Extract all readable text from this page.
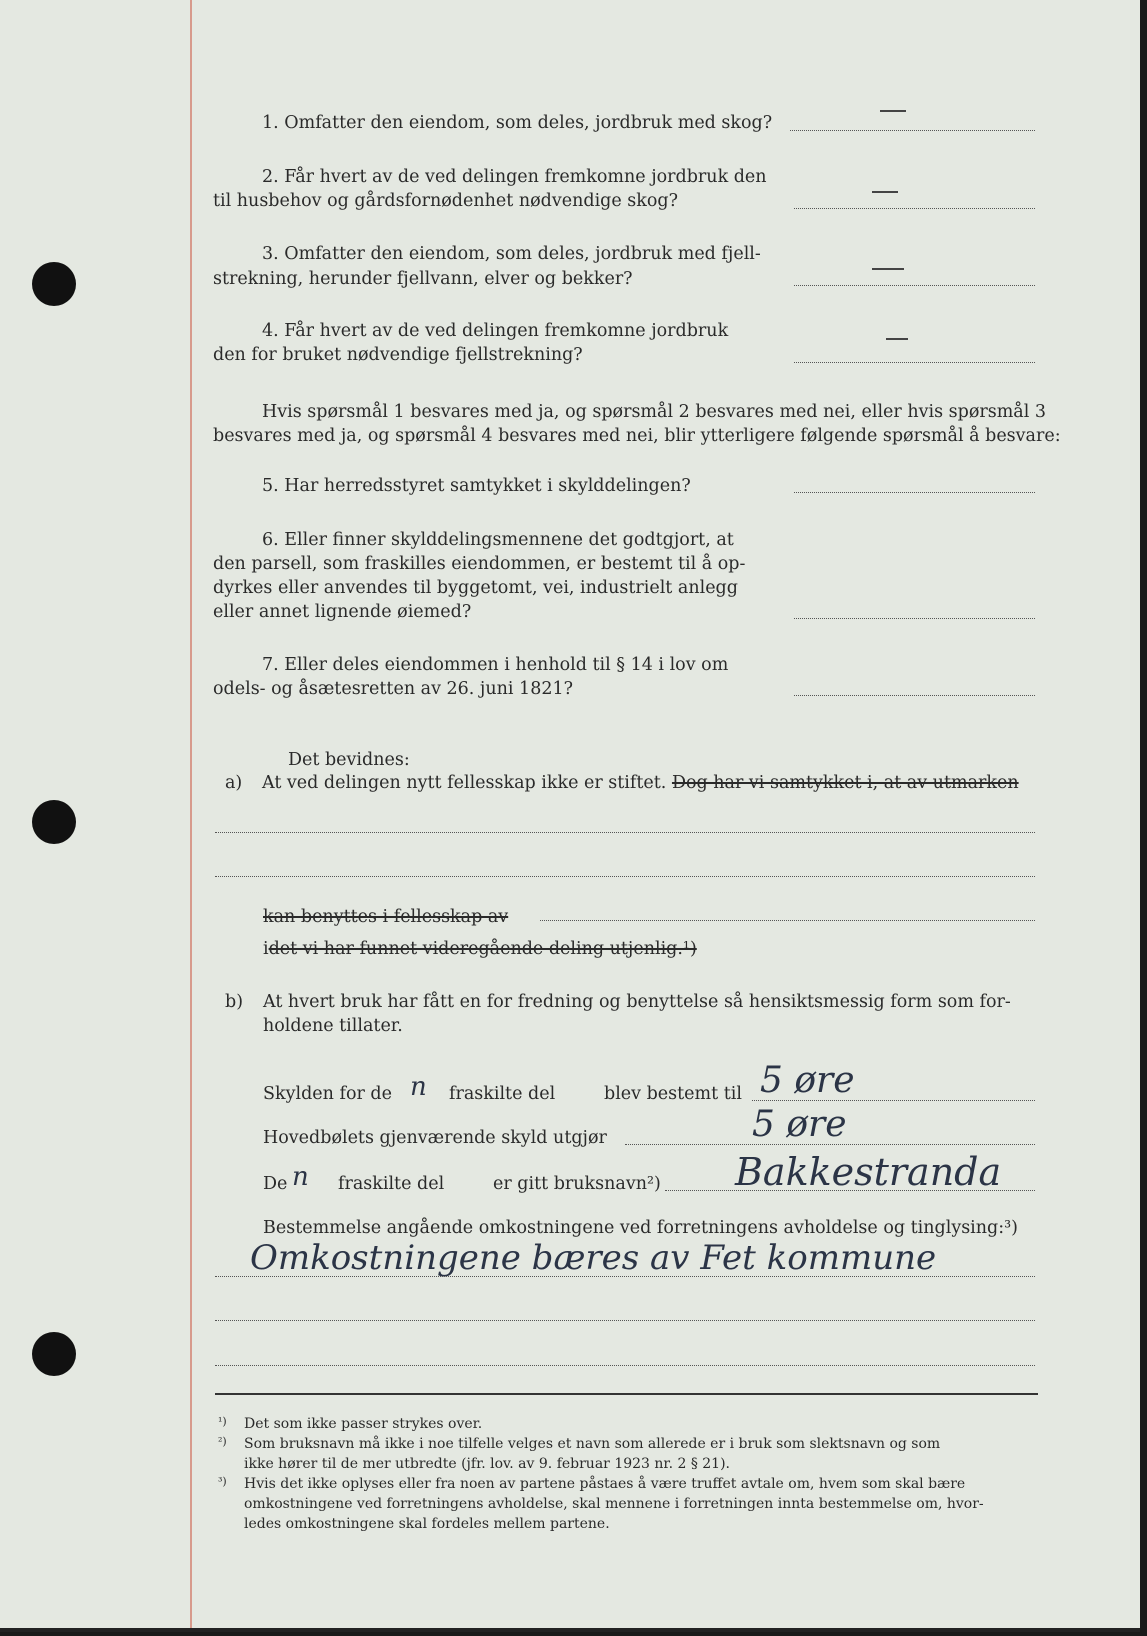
1. Omfatter den eiendom, som deles, jordbruk med skog?
2. Får hvert av de ved delingen fremkomne jordbruk den
til husbehov og gårdsfornødenhet nødvendige skog?
3. Omfatter den eiendom, som deles, jordbruk med fjell-
strekning, herunder fjellvann, elver og bekker?
4. Får hvert av de ved delingen fremkomne jordbruk
den for bruket nødvendige fjellstrekning?
Hvis spørsmål 1 besvares med ja, og spørsmål 2 besvares med nei, eller hvis spørsmål 3
besvares med ja, og spørsmål 4 besvares med nei, blir ytterligere følgende spørsmål å besvare:
5. Har herredsstyret samtykket i skylddelingen?
6. Eller finner skylddelingsmennene det godtgjort, at
den parsell, som fraskilles eiendommen, er bestemt til å op-
dyrkes eller anvendes til byggetomt, vei, industrielt anlegg
eller annet lignende øiemed?
7. Eller deles eiendommen i henhold til § 14 i lov om
odels- og åsætesretten av 26. juni 1821?
Det bevidnes:
a) At ved delingen nytt fellesskap ikke er stiftet. Dog har vi samtykket i, at av utmarken
kan benyttes i fellesskap av
idet vi har funnet videregående deling utjenlig.¹)
b) At hvert bruk har fått en for fredning og benyttelse så hensiktsmessig form som for-
holdene tillater.
Skylden for de n fraskilte del	blev bestemt til 5 øre
Hovedbølets gjenværende skyld utgjør	5 øre
De n fraskilte del	er gitt bruksnavn²) Bakkestranda
Bestemmelse angående omkostningene ved forretningens avholdelse og tinglysing:³)
Omkostningene bæres av Fet kommune
¹) Det som ikke passer strykes over.
²) Som bruksnavn må ikke i noe tilfelle velges et navn som allerede er i bruk som slektsnavn og som
ikke hører til de mer utbredte (jfr. lov. av 9. februar 1923 nr. 2 § 21).
³) Hvis det ikke oplyses eller fra noen av partene påstaes å være truffet avtale om, hvem som skal bære
omkostningene ved forretningens avholdelse, skal mennene i forretningen innta bestemmelse om, hvor-
ledes omkostningene skal fordeles mellem partene.
